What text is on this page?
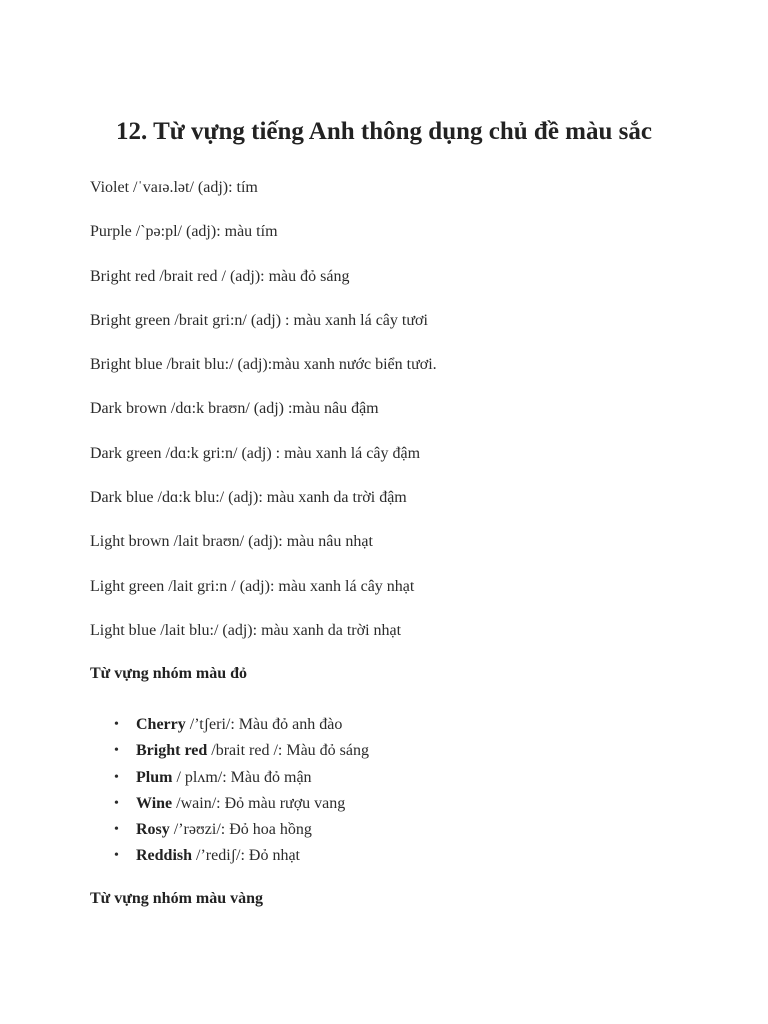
12. Từ vựng tiếng Anh thông dụng chủ đề màu sắc
Violet /ˈvaɪə.lət/ (adj): tím
Purple /ˋpə:pl/ (adj): màu tím
Bright red /brait red / (adj): màu đỏ sáng
Bright green /brait gri:n/ (adj) : màu xanh lá cây tươi
Bright blue /brait blu:/ (adj):màu xanh nước biển tươi.
Dark brown /dɑ:k braʊn/ (adj) :màu nâu đậm
Dark green /dɑ:k gri:n/ (adj) : màu xanh lá cây đậm
Dark blue /dɑ:k blu:/ (adj): màu xanh da trời đậm
Light brown /lait braʊn/ (adj): màu nâu nhạt
Light green /lait gri:n / (adj): màu xanh lá cây nhạt
Light blue /lait blu:/ (adj): màu xanh da trời nhạt
Từ vựng nhóm màu đỏ
• Cherry /’tʃeri/: Màu đỏ anh đào
• Bright red /brait red /: Màu đỏ sáng
• Plum / plʌm/: Màu đỏ mận
• Wine /wain/: Đỏ màu rượu vang
• Rosy /’rəʊzi/: Đỏ hoa hồng
• Reddish /’rediʃ/: Đỏ nhạt
Từ vựng nhóm màu vàng
